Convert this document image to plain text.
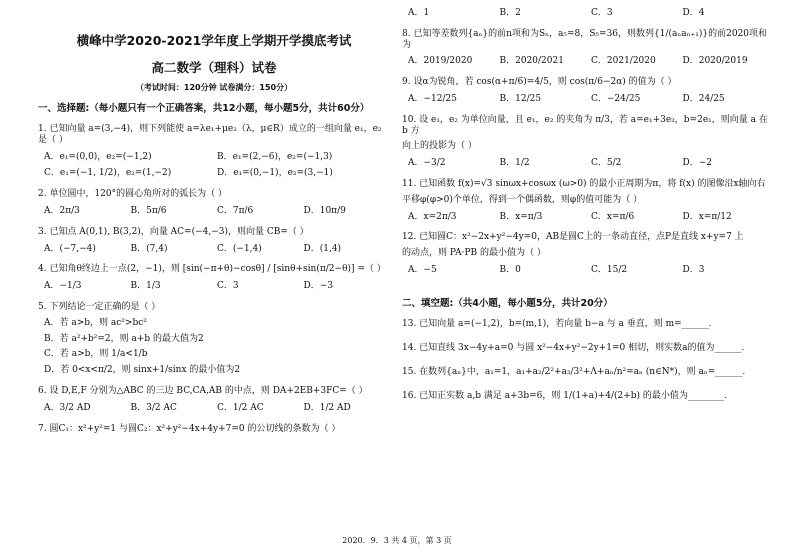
横峰中学2020-2021学年度上学期开学摸底考试
高二数学（理科）试卷
（考试时间：120分钟 试卷满分：150分）
一、选择题:（每小题只有一个正确答案，共12小题，每小题5分，共计60分）
1. 已知向量 a=(3,−4)，则下列能使 a=λe₁+μe₂（λ，μ∈R）成立的一组向量 e₁，e₂ 是（ ）
A．e₁=(0,0)，e₂=(−1,2)	B．e₁=(2,−6)，e₂=(−1,3)
C．e₁=(−1, 1/2)，e₂=(1,−2)	D．e₁=(0,−1)，e₂=(3,−1)
2. 单位圆中，120°的圆心角所对的弧长为（ ）
A．2π/3	B．5π/6	C．7π/6	D．10π/9
3. 已知点 A(0,1), B(3,2)，向量 AC=(−4,−3)，则向量 CB=（ ）
A．(−7,−4)	B．(7,4)	C．(−1,4)	D．(1,4)
4. 已知角θ终边上一点(2，−1)，则 [sin(−π+θ)−cosθ] / [sinθ+sin(π/2−θ)] =（ ）
A．−1/3	B．1/3	C．3	D．−3
5. 下列结论一定正确的是（ ）
A．若 a>b，则 ac²>bc²
B．若 a²+b²=2，则 a+b 的最大值为2
C．若 a>b，则 1/a<1/b
D．若 0<x<π/2，则 sinx+1/sinx 的最小值为2
6. 设 D,E,F 分别为△ABC 的三边 BC,CA,AB 的中点，则 DA+2EB+3FC=（ ）
A．3/2 AD	B．3/2 AC	C．1/2 AC	D．1/2 AD
7. 圆C₁：x²+y²=1 与圆C₂：x²+y²−4x+4y+7=0 的公切线的条数为（ ）
A．1	B．2	C．3	D．4
8. 已知等差数列{aₙ}的前n项和为Sₙ，a₅=8，S₅=36，则数列{1/(aₙaₙ₊₁)}的前2020项和为
A．2019/2020	B．2020/2021	C．2021/2020	D．2020/2019
9. 设α为锐角，若 cos(α+π/6)=4/5，则 cos(π/6−2α) 的值为（ ）
A．−12/25	B．12/25	C．−24/25	D．24/25
10. 设 e₁，e₂ 为单位向量，且 e₁，e₂ 的夹角为 π/3，若 a=e₁+3e₂，b=2e₁，则向量 a 在 b 方
向上的投影为（ ）
A．−3/2	B．1/2	C．5/2	D．−2
11. 已知函数 f(x)=√3 sinωx+cosωx (ω>0) 的最小正周期为π，将 f(x) 的图像沿x轴向右
平移φ(φ>0)个单位，得到一个偶函数，则φ的值可能为（ ）
A．x=2π/3	B．x=π/3	C．x=π/6	D．x=π/12
12. 已知圆C：x²−2x+y²−4y=0，AB是圆C上的一条动直径，点P是直线 x+y=7 上
的动点，则 PA·PB 的最小值为（ ）
A．−5	B．0	C．15/2	D．3
二、填空题:（共4小题，每小题5分，共计20分）
13. 已知向量 a=(−1,2)，b=(m,1)，若向量 b−a 与 a 垂直，则 m=______.
14. 已知直线 3x−4y+a=0 与圆 x²−4x+y²−2y+1=0 相切，则实数a的值为______.
15. 在数列{aₙ}中，a₁=1，a₁+a₂/2²+a₃/3²+Λ+aₙ/n²=aₙ (n∈N*)，则 aₙ=______.
16. 已知正实数 a,b 满足 a+3b=6，则 1/(1+a)+4/(2+b) 的最小值为________.
2020．9．3 共 4 页，第 3 页
